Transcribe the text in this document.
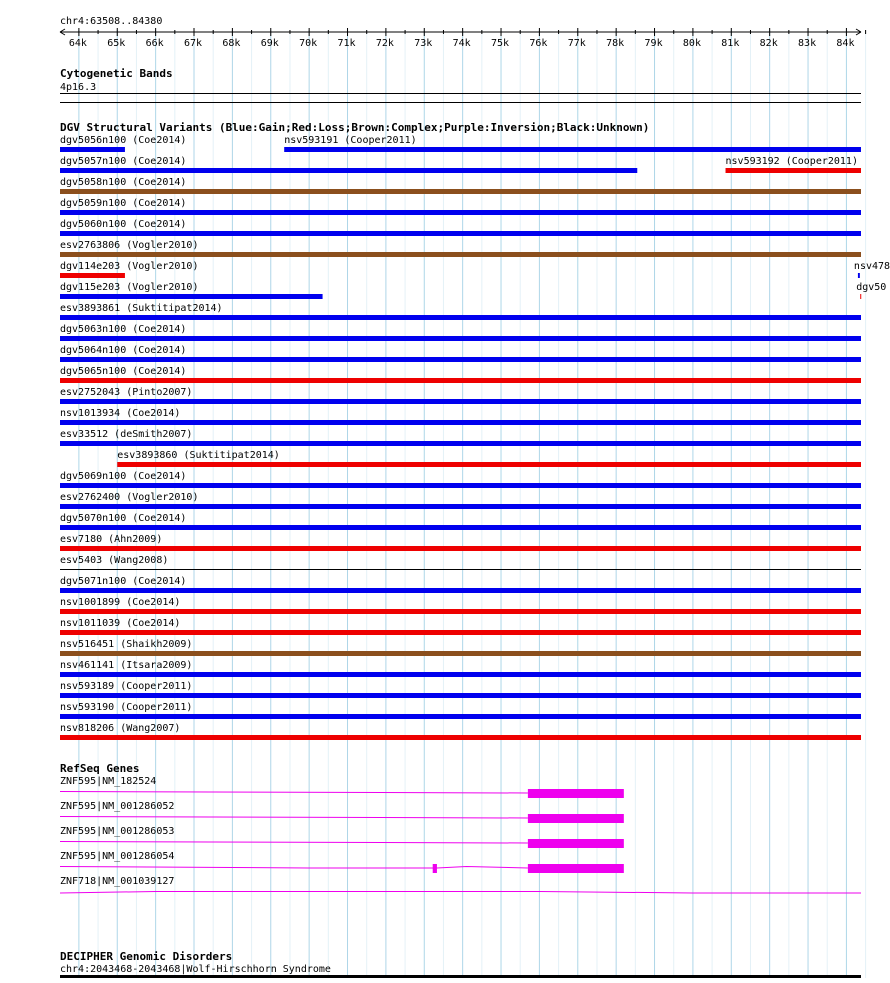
chr4:63508..84380
64k 65k 66k 67k 68k 69k 70k 71k 72k 73k 74k 75k 76k 77k 78k 79k 80k 81k 82k 83k 84k
Cytogenetic Bands
4p16.3
DGV Structural Variants (Blue:Gain;Red:Loss;Brown:Complex;Purple:Inversion;Black:Unknown)
dgv5056n100 (Coe2014)	nsv593191 (Cooper2011)
dgv5057n100 (Coe2014)	nsv593192 (Cooper2011)
dgv5058n100 (Coe2014)
dgv5059n100 (Coe2014)
dgv5060n100 (Coe2014)
esv2763806 (Vogler2010)
dgv114e203 (Vogler2010)	nsv478
dgv115e203 (Vogler2010)	dgv50
esv3893861 (Suktitipat2014)
dgv5063n100 (Coe2014)
dgv5064n100 (Coe2014)
dgv5065n100 (Coe2014)
esv2752043 (Pinto2007)
nsv1013934 (Coe2014)
esv33512 (deSmith2007)
esv3893860 (Suktitipat2014)
dgv5069n100 (Coe2014)
esv2762400 (Vogler2010)
dgv5070n100 (Coe2014)
esv7180 (Ahn2009)
esv5403 (Wang2008)
dgv5071n100 (Coe2014)
nsv1001899 (Coe2014)
nsv1011039 (Coe2014)
nsv516451 (Shaikh2009)
nsv461141 (Itsara2009)
nsv593189 (Cooper2011)
nsv593190 (Cooper2011)
nsv818206 (Wang2007)
RefSeq Genes
ZNF595|NM_182524
ZNF595|NM_001286052
ZNF595|NM_001286053
ZNF595|NM_001286054
ZNF718|NM_001039127
DECIPHER Genomic Disorders
chr4:2043468-2043468|Wolf-Hirschhorn Syndrome
